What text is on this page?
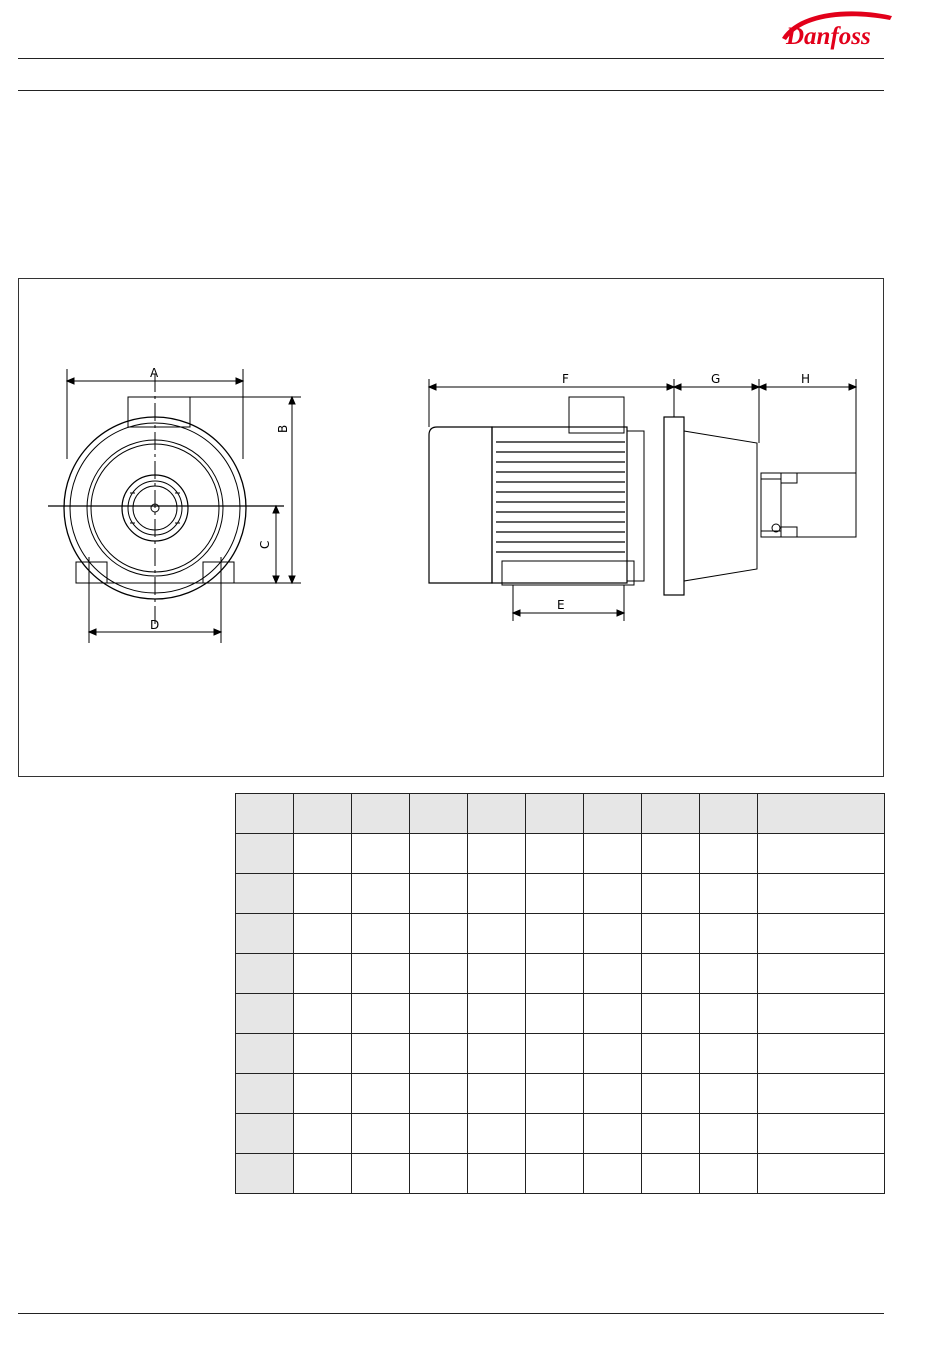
Danfoss
A
B
C
D
F	G	H
E
